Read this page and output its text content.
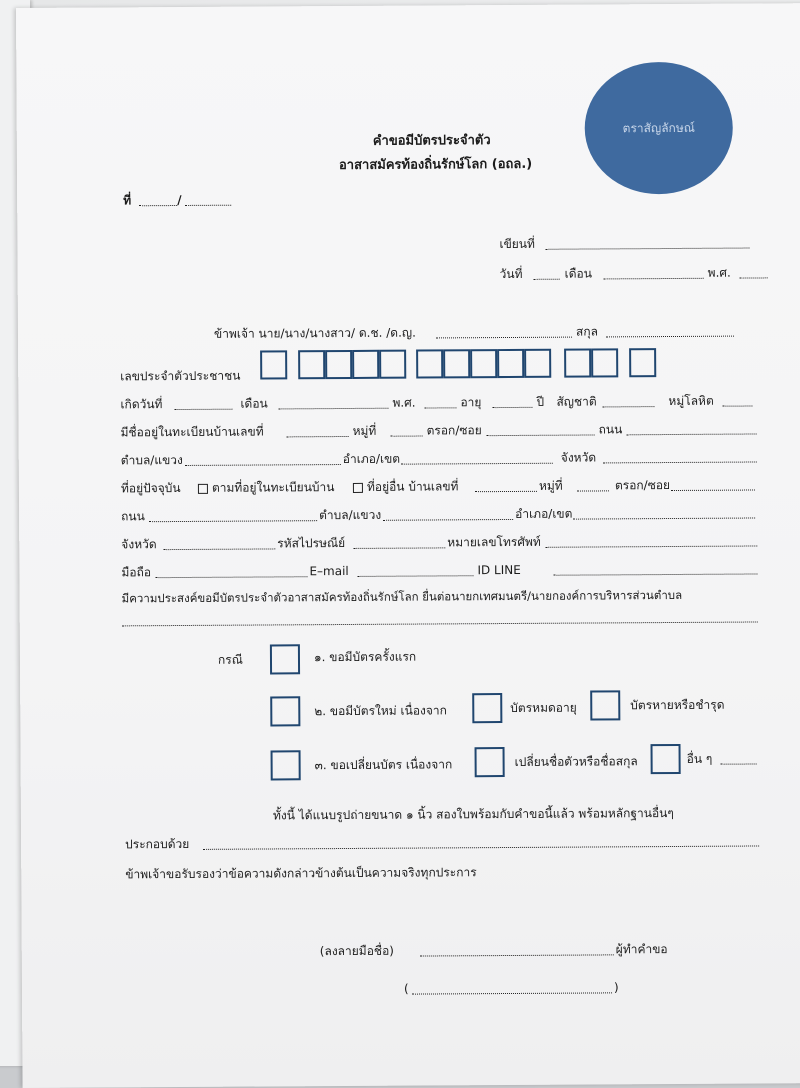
ตราสัญลักษณ์
คำขอมีบัตรประจำตัว
อาสาสมัครท้องถิ่นรักษ์โลก (อถล.)
ที่	/
เขียนที่
วันที่	เดือน	พ.ศ.
ข้าพเจ้า นาย/นาง/นางสาว/ ด.ช. /ด.ญ.	สกุล
เลขประจำตัวประชาชน
เกิดวันที่	เดือน	พ.ศ.	อายุ	ปี สัญชาติ	หมู่โลหิต
มีชื่ออยู่ในทะเบียนบ้านเลขที่	หมู่ที่	ตรอก/ซอย	ถนน
ตำบล/แขวง	อำเภอ/เขต	จังหวัด
ที่อยู่ปัจจุบัน	ตามที่อยู่ในทะเบียนบ้าน	ที่อยู่อื่น บ้านเลขที่	หมู่ที่	ตรอก/ซอย
ถนน	ตำบล/แขวง	อำเภอ/เขต
จังหวัด	รหัสไปรษณีย์	หมายเลขโทรศัพท์
มือถือ	E–mail	ID LINE
มีความประสงค์ขอมีบัตรประจำตัวอาสาสมัครท้องถิ่นรักษ์โลก ยื่นต่อนายกเทศมนตรี/นายกองค์การบริหารส่วนตำบล
กรณี	๑. ขอมีบัตรครั้งแรก
๒. ขอมีบัตรใหม่ เนื่องจาก	บัตรหมดอายุ	บัตรหายหรือชำรุด
๓. ขอเปลี่ยนบัตร เนื่องจาก	เปลี่ยนชื่อตัวหรือชื่อสกุล	อื่น ๆ
ทั้งนี้ ได้แนบรูปถ่ายขนาด ๑ นิ้ว สองใบพร้อมกับคำขอนี้แล้ว พร้อมหลักฐานอื่นๆ
ประกอบด้วย
ข้าพเจ้าขอรับรองว่าข้อความดังกล่าวข้างต้นเป็นความจริงทุกประการ
(ลงลายมือชื่อ)	ผู้ทำคำขอ
(	)
